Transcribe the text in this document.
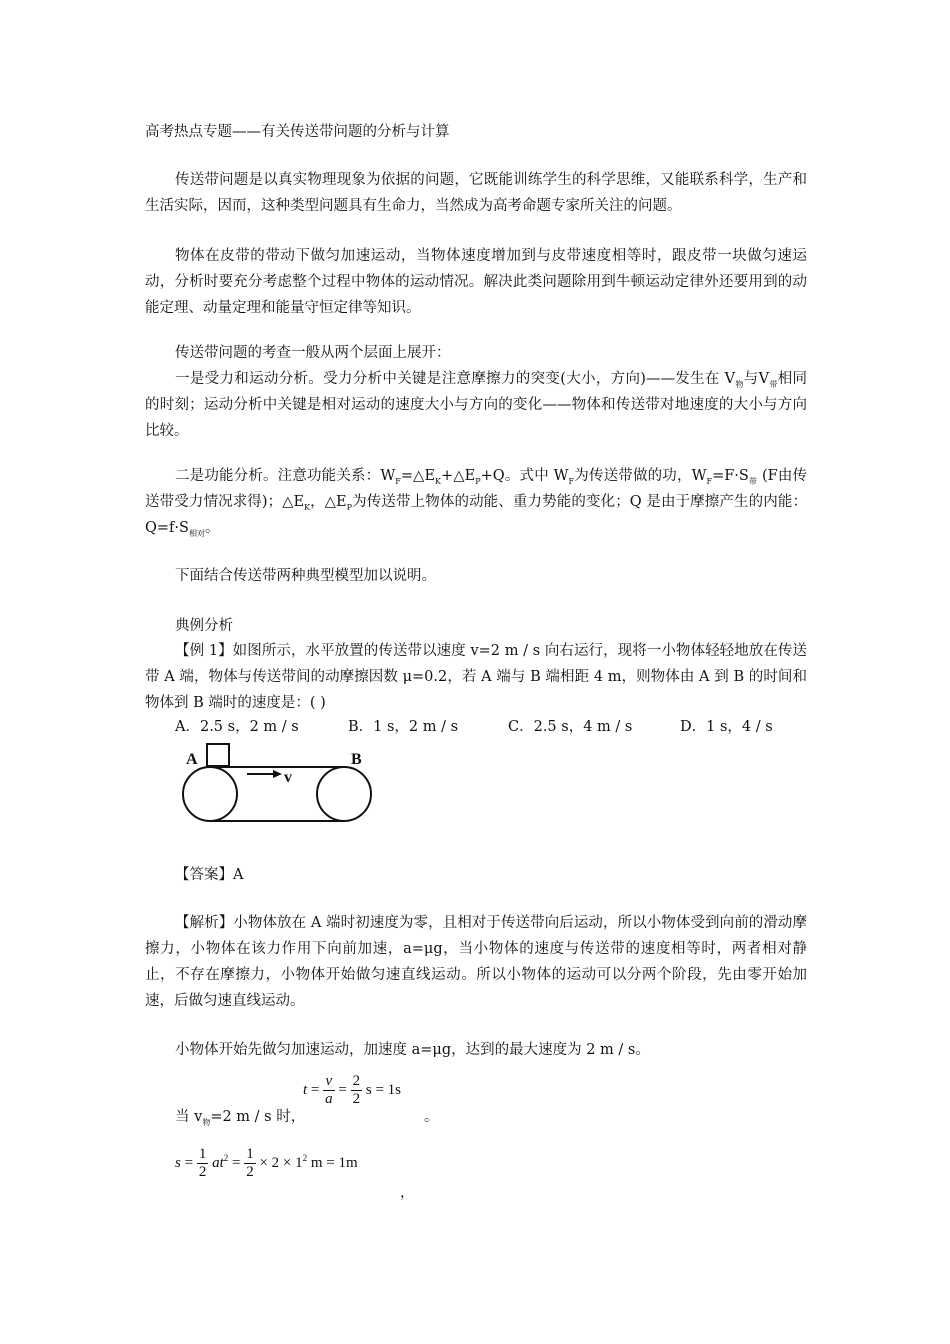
高考热点专题——有关传送带问题的分析与计算
传送带问题是以真实物理现象为依据的问题，它既能训练学生的科学思维，又能联系科学，生产和生活实际，因而，这种类型问题具有生命力，当然成为高考命题专家所关注的问题。
物体在皮带的带动下做匀加速运动，当物体速度增加到与皮带速度相等时，跟皮带一块做匀速运动，分析时要充分考虑整个过程中物体的运动情况。解决此类问题除用到牛顿运动定律外还要用到的动能定理、动量定理和能量守恒定律等知识。
传送带问题的考查一般从两个层面上展开：
一是受力和运动分析。受力分析中关键是注意摩擦力的突变(大小，方向)——发生在 $V_物$与$V_带$相同的时刻；运动分析中关键是相对运动的速度大小与方向的变化——物体和传送带对地速度的大小与方向比较。
二是功能分析。注意功能关系：$W_F=\triangle E_K+\triangle E_P+Q$。式中 $W_F$为传送带做的功，$W_F=F\cdot S_带$ (F由传送带受力情况求得)；$\triangle E_K$，$\triangle E_P$为传送带上物体的动能、重力势能的变化；Q 是由于摩擦产生的内能：$Q=f\cdot S_{相对}$。
下面结合传送带两种典型模型加以说明。
典例分析
【例 1】如图所示，水平放置的传送带以速度 v=2 m / s 向右运行，现将一小物体轻轻地放在传送带 A 端，物体与传送带间的动摩擦因数 μ=0.2，若 A 端与 B 端相距 4 m，则物体由 A 到 B 的时间和物体到 B 端时的速度是：( )
A．2.5 s，2 m / s	B．1 s，2 m / s	C．2.5 s，4 m / s	D．1 s，4 / s
A	B
v
【答案】A
【解析】小物体放在 A 端时初速度为零，且相对于传送带向后运动，所以小物体受到向前的滑动摩擦力，小物体在该力作用下向前加速，a=μg，当小物体的速度与传送带的速度相等时，两者相对静止，不存在摩擦力，小物体开始做匀速直线运动。所以小物体的运动可以分两个阶段，先由零开始加速，后做匀速直线运动。
小物体开始先做匀加速运动，加速度 a=μg，达到的最大速度为 2 m / s。
$t = \frac{v}{a} = \frac{2}{2}$ s = 1s
当 $v_物=2$ m / s 时，	。
$s = \frac{1}{2} at^2 = \frac{1}{2} \times 2 \times 1^2$ m = 1m
，
